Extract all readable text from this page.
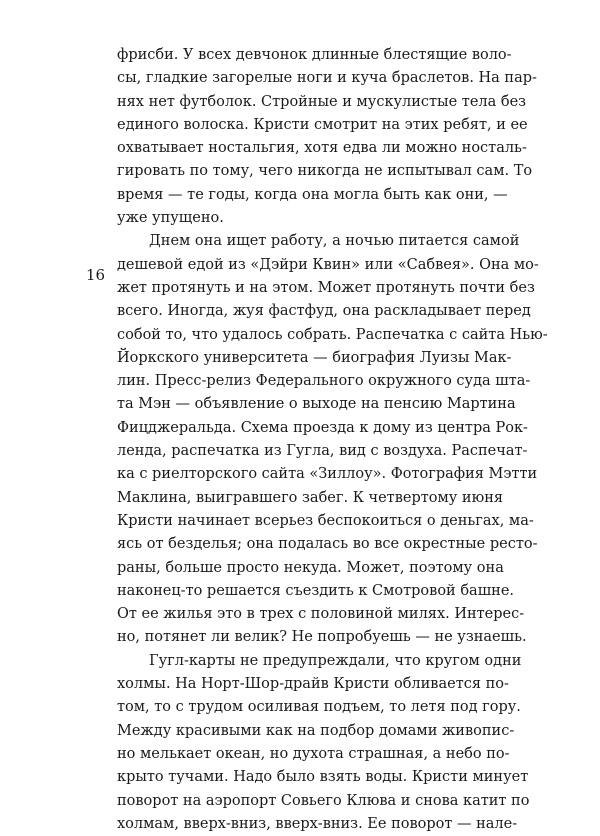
16
фрисби. У всех девчонок длинные блестящие воло-
сы, гладкие загорелые ноги и куча браслетов. На пар-
нях нет футболок. Стройные и мускулистые тела без
единого волоска. Кристи смотрит на этих ребят, и ее
охватывает ностальгия, хотя едва ли можно носталь-
гировать по тому, чего никогда не испытывал сам. То
время — те годы, когда она могла быть как они, —
уже упущено.
Днем она ищет работу, а ночью питается самой
дешевой едой из «Дэйри Квин» или «Сабвея». Она мо-
жет протянуть и на этом. Может протянуть почти без
всего. Иногда, жуя фастфуд, она раскладывает перед
собой то, что удалось собрать. Распечатка с сайта Нью-
Йоркского университета — биография Луизы Мак-
лин. Пресс-релиз Федерального окружного суда шта-
та Мэн — объявление о выходе на пенсию Мартина
Фицджеральда. Схема проезда к дому из центра Рок-
ленда, распечатка из Гугла, вид с воздуха. Распечат-
ка с риелторского сайта «Зиллоу». Фотография Мэтти
Маклина, выигравшего забег. К четвертому июня
Кристи начинает всерьез беспокоиться о деньгах, ма-
ясь от безделья; она подалась во все окрестные ресто-
раны, больше просто некуда. Может, поэтому она
наконец-то решается съездить к Смотровой башне.
От ее жилья это в трех с половиной милях. Интерес-
но, потянет ли велик? Не попробуешь — не узнаешь.
Гугл-карты не предупреждали, что кругом одни
холмы. На Норт-Шор-драйв Кристи обливается по-
том, то с трудом осиливая подъем, то летя под гору.
Между красивыми как на подбор домами живопис-
но мелькает океан, но духота страшная, а небо по-
крыто тучами. Надо было взять воды. Кристи минует
поворот на аэропорт Совьего Клюва и снова катит по
холмам, вверх-вниз, вверх-вниз. Ее поворот — нале-
